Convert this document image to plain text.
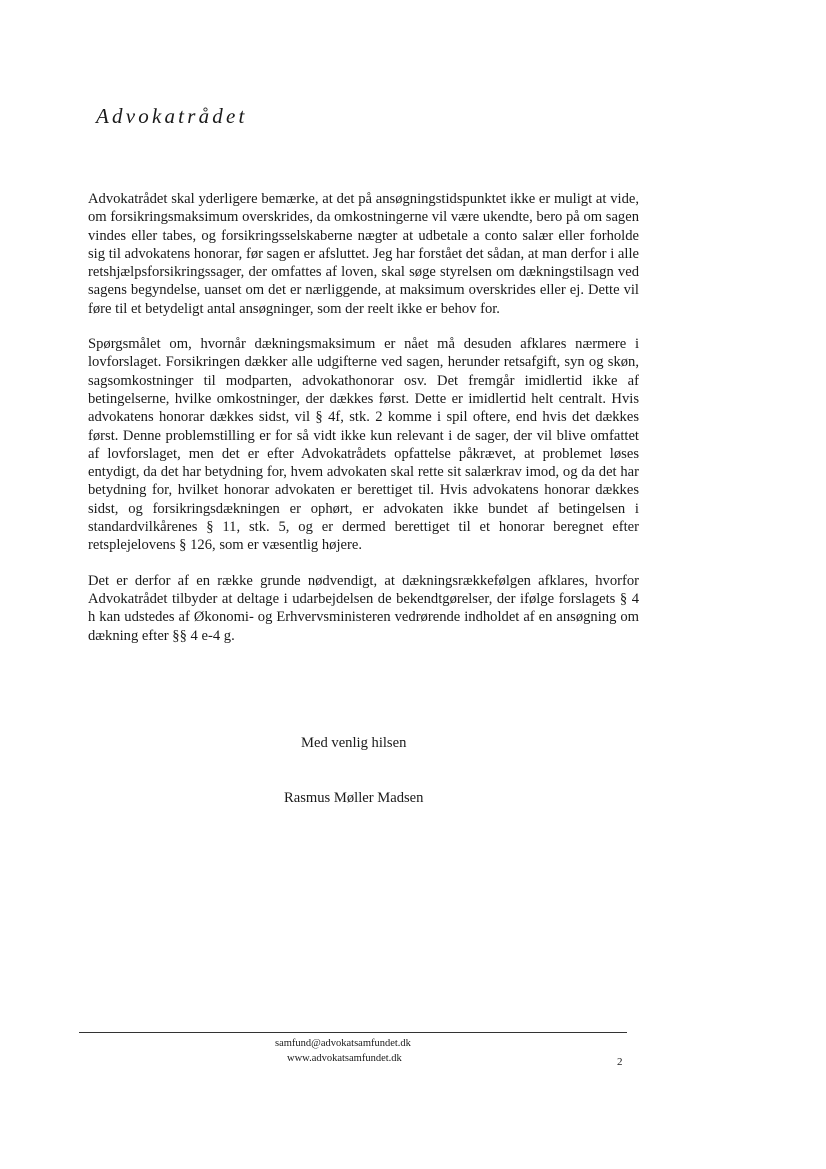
Advokatrådet

Advokatrådet skal yderligere bemærke, at det på ansøgningstidspunktet ikke er muligt at vide, om forsikringsmaksimum overskrides, da omkostningerne vil være ukendte, bero på om sagen vindes eller tabes, og forsikringsselskaberne nægter at udbetale a conto salær eller forholde sig til advokatens honorar, før sagen er afsluttet. Jeg har forstået det sådan, at man derfor i alle retshjælpsforsikringssager, der omfattes af loven, skal søge styrelsen om dækningstilsagn ved sagens begyndelse, uanset om det er nærliggende, at maksimum overskrides eller ej. Dette vil føre til et betydeligt antal ansøgninger, som der reelt ikke er behov for.

Spørgsmålet om, hvornår dækningsmaksimum er nået må desuden afklares nærmere i lovforslaget. Forsikringen dækker alle udgifterne ved sagen, herunder retsafgift, syn og skøn, sagsomkostninger til modparten, advokathonorar osv. Det fremgår imidlertid ikke af betingelserne, hvilke omkostninger, der dækkes først. Dette er imidlertid helt centralt. Hvis advokatens honorar dækkes sidst, vil § 4f, stk. 2 komme i spil oftere, end hvis det dækkes først. Denne problemstilling er for så vidt ikke kun relevant i de sager, der vil blive omfattet af lovforslaget, men det er efter Advokatrådets opfattelse påkrævet, at problemet løses entydigt, da det har betydning for, hvem advokaten skal rette sit salærkrav imod, og da det har betydning for, hvilket honorar advokaten er berettiget til. Hvis advokatens honorar dækkes sidst, og forsikringsdækningen er ophørt, er advokaten ikke bundet af betingelsen i standardvilkårenes § 11, stk. 5, og er dermed berettiget til et honorar beregnet efter retsplejelovens § 126, som er væsentlig højere.

Det er derfor af en række grunde nødvendigt, at dækningsrækkefølgen afklares, hvorfor Advokatrådet tilbyder at deltage i udarbejdelsen de bekendtgørelser, der ifølge forslagets § 4 h kan udstedes af Økonomi- og Erhvervsministeren vedrørende indholdet af en ansøgning om dækning efter §§ 4 e-4 g.

Med venlig hilsen
Rasmus Møller Madsen
samfund@advokatsamfundet.dk
www.advokatsamfundet.dk	2
